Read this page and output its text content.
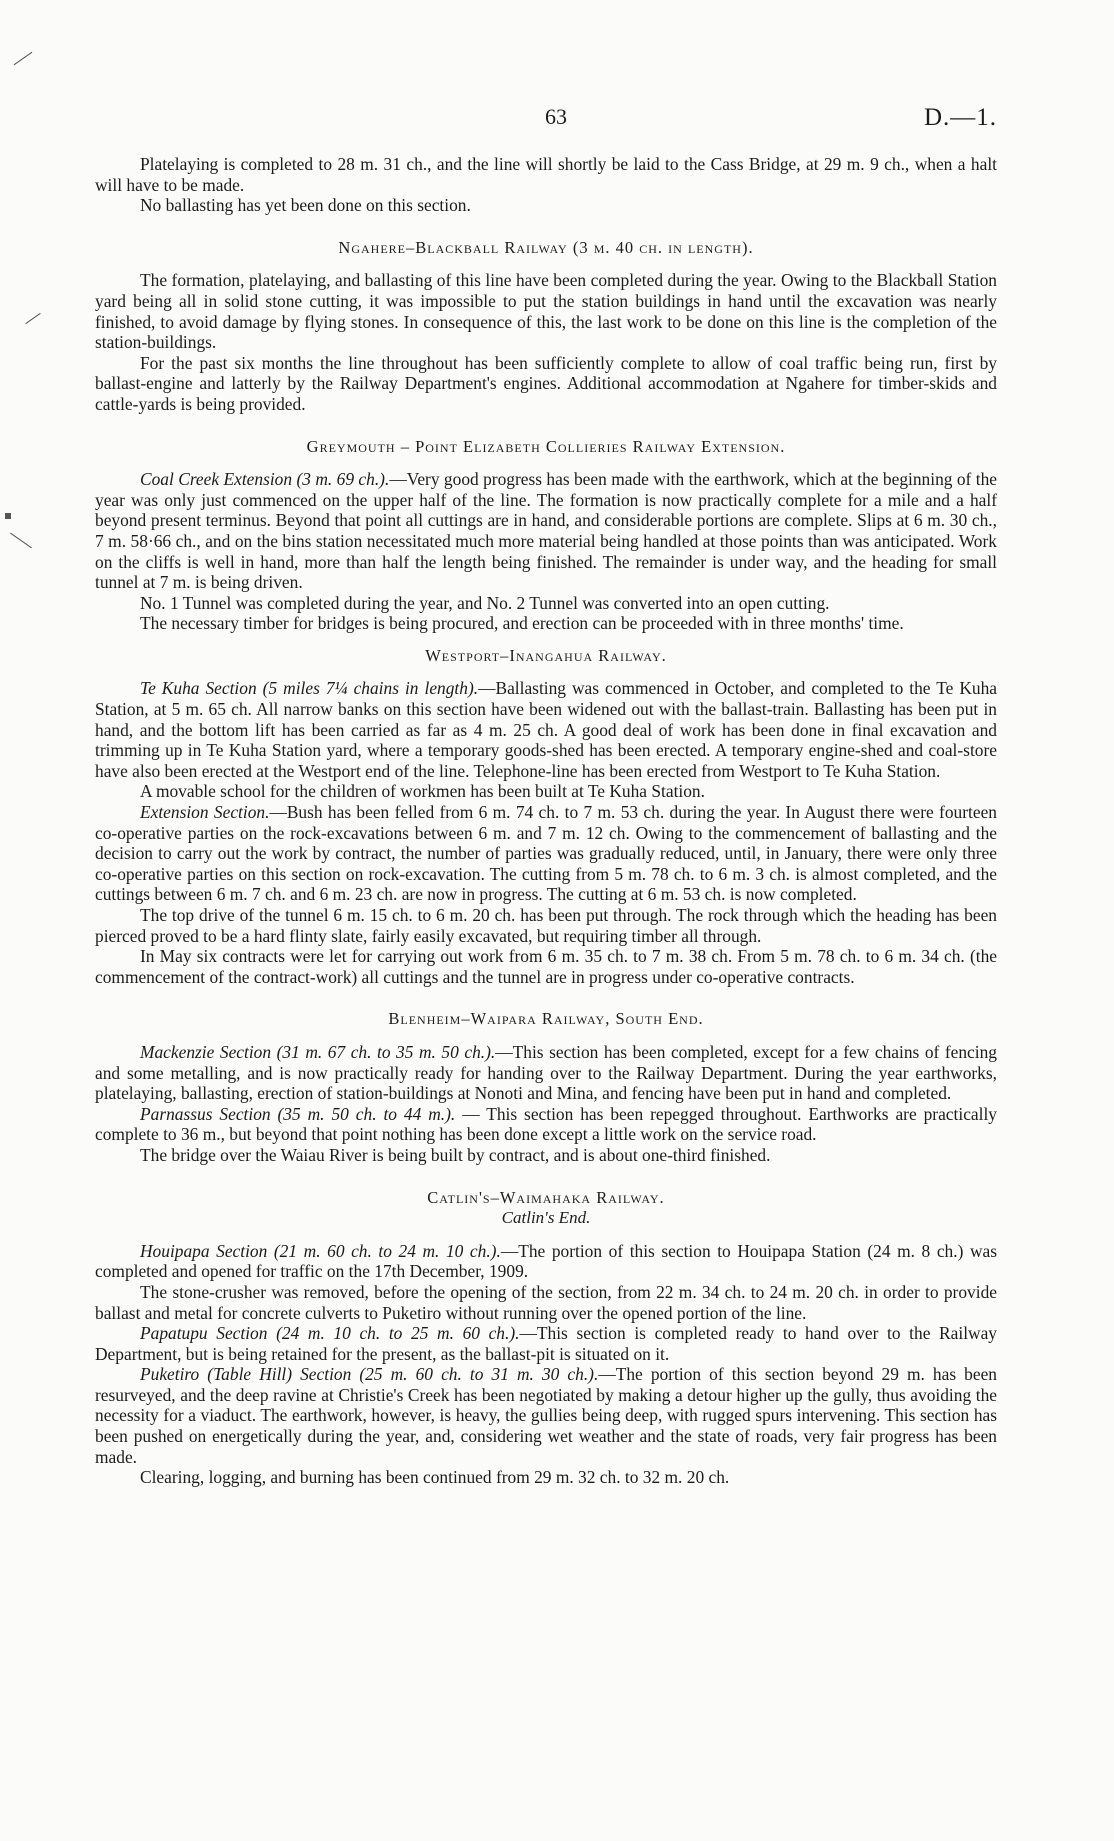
63	D.—1.

Platelaying is completed to 28 m. 31 ch., and the line will shortly be laid to the Cass Bridge, at 29 m. 9 ch., when a halt will have to be made.

No ballasting has yet been done on this section.

Ngahere–Blackball Railway (3 m. 40 ch. in length).

The formation, platelaying, and ballasting of this line have been completed during the year. Owing to the Blackball Station yard being all in solid stone cutting, it was impossible to put the station buildings in hand until the excavation was nearly finished, to avoid damage by flying stones. In consequence of this, the last work to be done on this line is the completion of the station-buildings.

For the past six months the line throughout has been sufficiently complete to allow of coal traffic being run, first by ballast-engine and latterly by the Railway Department's engines. Additional accommodation at Ngahere for timber-skids and cattle-yards is being provided.

Greymouth – Point Elizabeth Collieries Railway Extension.

Coal Creek Extension (3 m. 69 ch.).—Very good progress has been made with the earthwork, which at the beginning of the year was only just commenced on the upper half of the line. The formation is now practically complete for a mile and a half beyond present terminus. Beyond that point all cuttings are in hand, and considerable portions are complete. Slips at 6 m. 30 ch., 7 m. 58·66 ch., and on the bins station necessitated much more material being handled at those points than was anticipated. Work on the cliffs is well in hand, more than half the length being finished. The remainder is under way, and the heading for small tunnel at 7 m. is being driven.

No. 1 Tunnel was completed during the year, and No. 2 Tunnel was converted into an open cutting.

The necessary timber for bridges is being procured, and erection can be proceeded with in three months' time.

Westport–Inangahua Railway.

Te Kuha Section (5 miles 7¼ chains in length).—Ballasting was commenced in October, and completed to the Te Kuha Station, at 5 m. 65 ch. All narrow banks on this section have been widened out with the ballast-train. Ballasting has been put in hand, and the bottom lift has been carried as far as 4 m. 25 ch. A good deal of work has been done in final excavation and trimming up in Te Kuha Station yard, where a temporary goods-shed has been erected. A temporary engine-shed and coal-store have also been erected at the Westport end of the line. Telephone-line has been erected from Westport to Te Kuha Station.

A movable school for the children of workmen has been built at Te Kuha Station.

Extension Section.—Bush has been felled from 6 m. 74 ch. to 7 m. 53 ch. during the year. In August there were fourteen co-operative parties on the rock-excavations between 6 m. and 7 m. 12 ch. Owing to the commencement of ballasting and the decision to carry out the work by contract, the number of parties was gradually reduced, until, in January, there were only three co-operative parties on this section on rock-excavation. The cutting from 5 m. 78 ch. to 6 m. 3 ch. is almost completed, and the cuttings between 6 m. 7 ch. and 6 m. 23 ch. are now in progress. The cutting at 6 m. 53 ch. is now completed.

The top drive of the tunnel 6 m. 15 ch. to 6 m. 20 ch. has been put through. The rock through which the heading has been pierced proved to be a hard flinty slate, fairly easily excavated, but requiring timber all through.

In May six contracts were let for carrying out work from 6 m. 35 ch. to 7 m. 38 ch. From 5 m. 78 ch. to 6 m. 34 ch. (the commencement of the contract-work) all cuttings and the tunnel are in progress under co-operative contracts.

Blenheim–Waipara Railway, South End.

Mackenzie Section (31 m. 67 ch. to 35 m. 50 ch.).—This section has been completed, except for a few chains of fencing and some metalling, and is now practically ready for handing over to the Railway Department. During the year earthworks, platelaying, ballasting, erection of station-buildings at Nonoti and Mina, and fencing have been put in hand and completed.

Parnassus Section (35 m. 50 ch. to 44 m.). — This section has been repegged throughout. Earthworks are practically complete to 36 m., but beyond that point nothing has been done except a little work on the service road.

The bridge over the Waiau River is being built by contract, and is about one-third finished.

Catlin's–Waimahaka Railway.
Catlin's End.

Houipapa Section (21 m. 60 ch. to 24 m. 10 ch.).—The portion of this section to Houipapa Station (24 m. 8 ch.) was completed and opened for traffic on the 17th December, 1909.

The stone-crusher was removed, before the opening of the section, from 22 m. 34 ch. to 24 m. 20 ch. in order to provide ballast and metal for concrete culverts to Puketiro without running over the opened portion of the line.

Papatupu Section (24 m. 10 ch. to 25 m. 60 ch.).—This section is completed ready to hand over to the Railway Department, but is being retained for the present, as the ballast-pit is situated on it.

Puketiro (Table Hill) Section (25 m. 60 ch. to 31 m. 30 ch.).—The portion of this section beyond 29 m. has been resurveyed, and the deep ravine at Christie's Creek has been negotiated by making a detour higher up the gully, thus avoiding the necessity for a viaduct. The earthwork, however, is heavy, the gullies being deep, with rugged spurs intervening. This section has been pushed on energetically during the year, and, considering wet weather and the state of roads, very fair progress has been made.

Clearing, logging, and burning has been continued from 29 m. 32 ch. to 32 m. 20 ch.
